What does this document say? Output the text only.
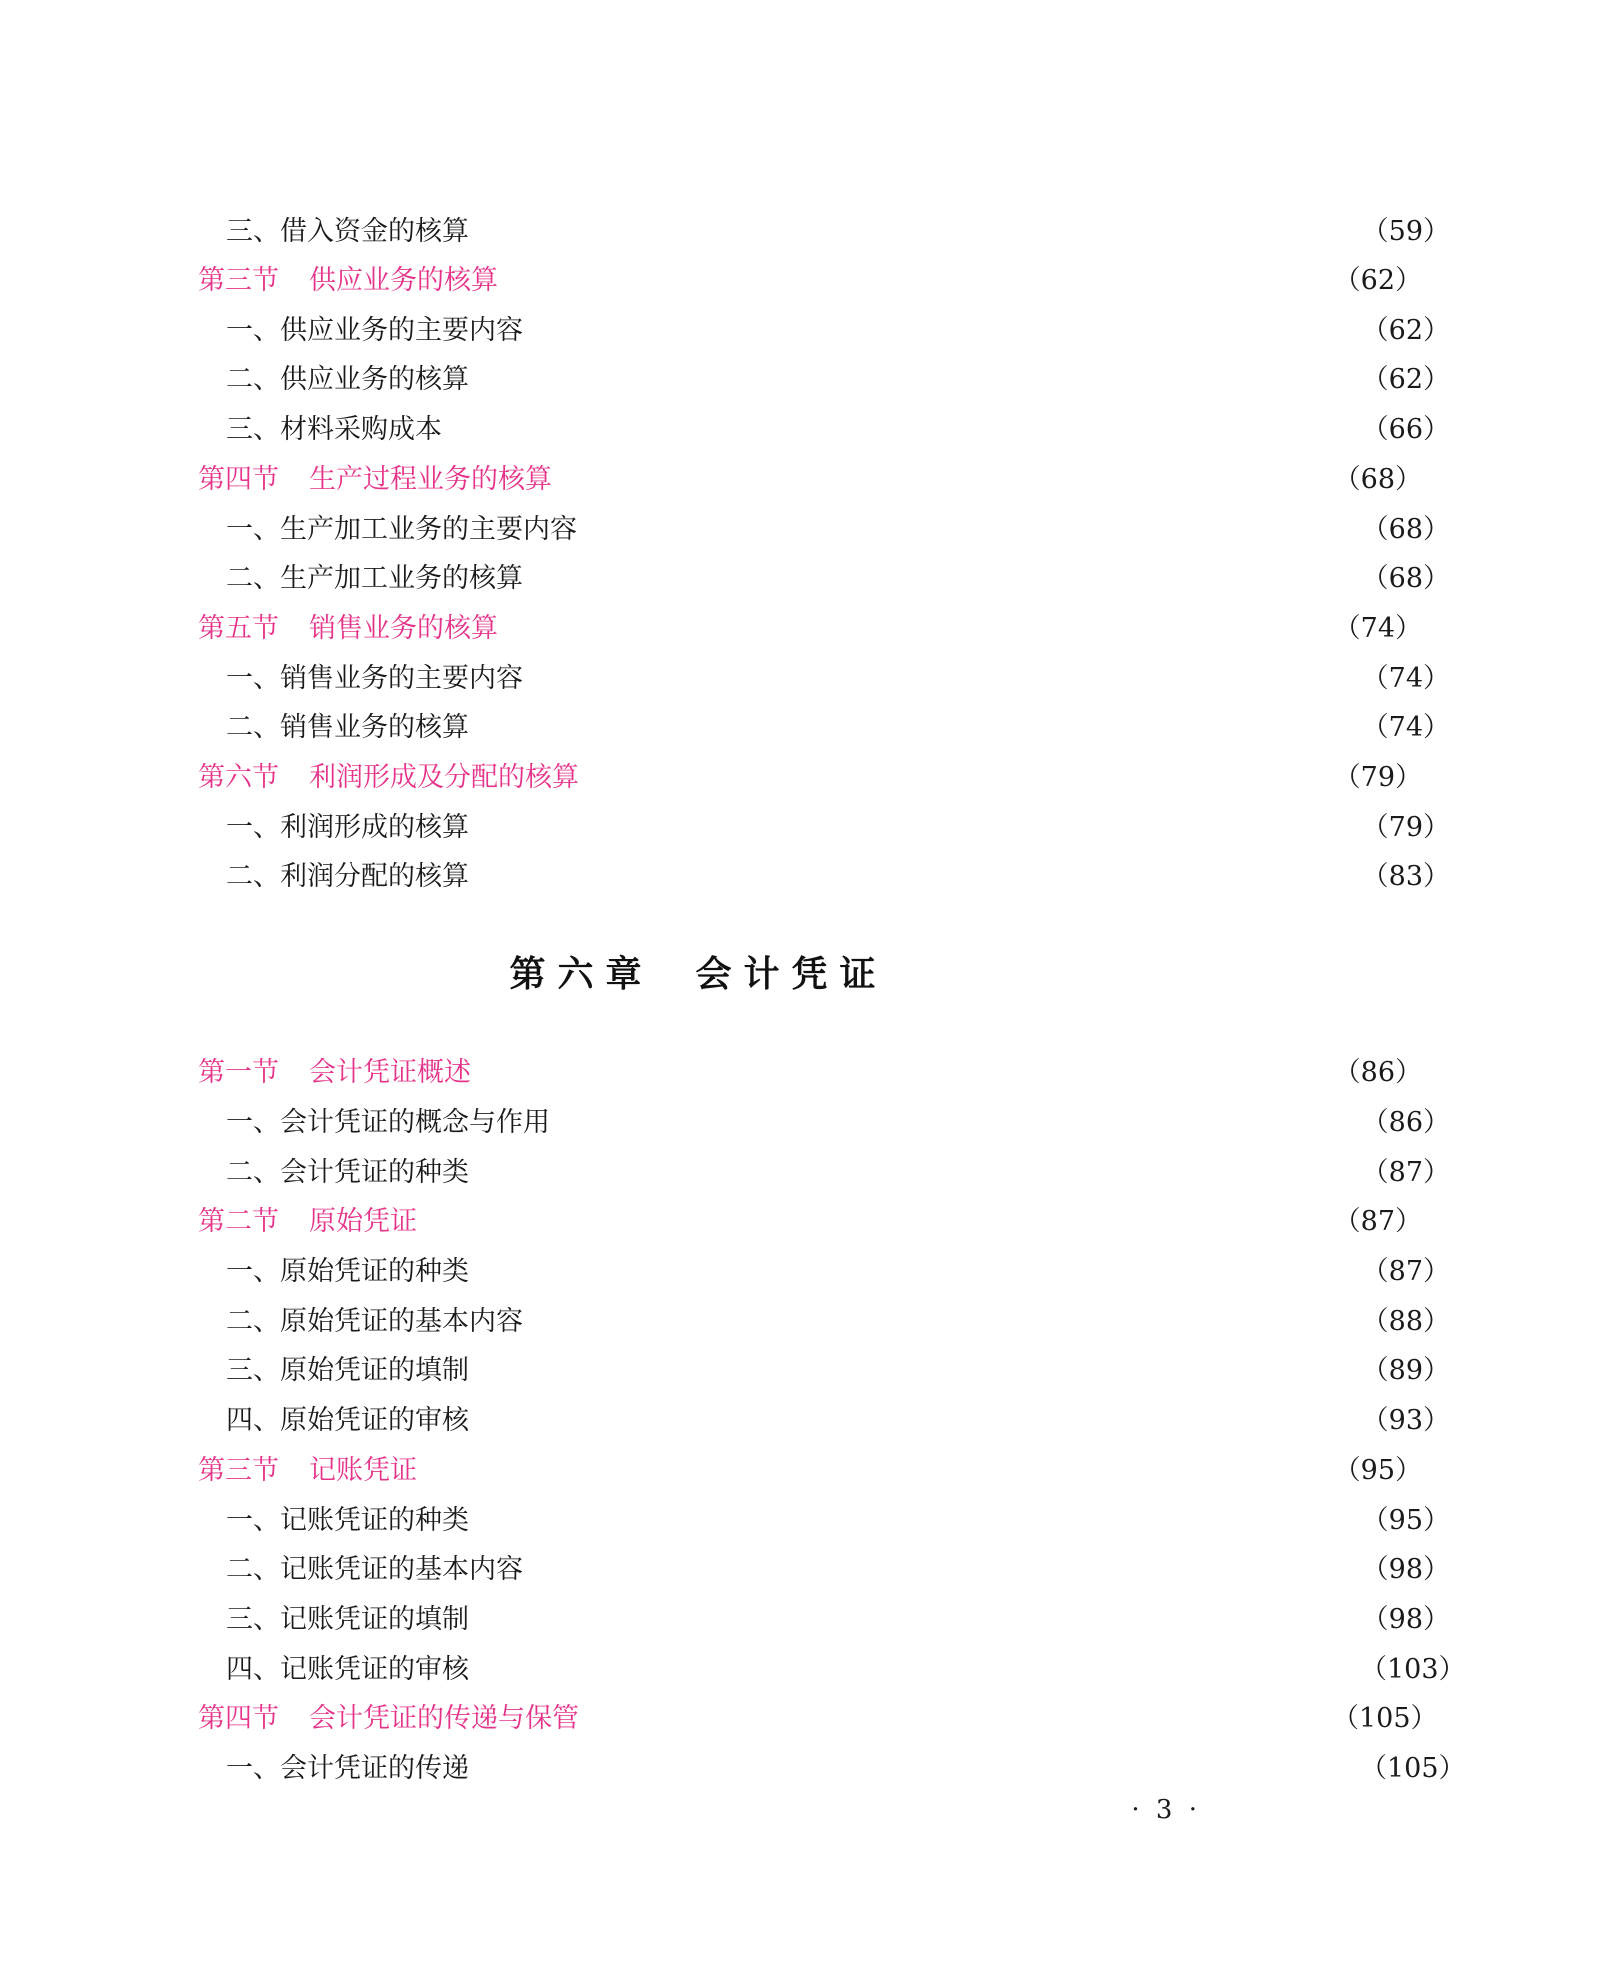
三、借入资金的核算	（59）
第三节 供应业务的核算	（62）
一、供应业务的主要内容	（62）
二、供应业务的核算	（62）
三、材料采购成本	（66）
第四节 生产过程业务的核算	（68）
一、生产加工业务的主要内容	（68）
二、生产加工业务的核算	（68）
第五节 销售业务的核算	（74）
一、销售业务的主要内容	（74）
二、销售业务的核算	（74）
第六节 利润形成及分配的核算	（79）
一、利润形成的核算	（79）
二、利润分配的核算	（83）
第六章 会计凭证
第一节 会计凭证概述	（86）
一、会计凭证的概念与作用	（86）
二、会计凭证的种类	（87）
第二节 原始凭证	（87）
一、原始凭证的种类	（87）
二、原始凭证的基本内容	（88）
三、原始凭证的填制	（89）
四、原始凭证的审核	（93）
第三节 记账凭证	（95）
一、记账凭证的种类	（95）
二、记账凭证的基本内容	（98）
三、记账凭证的填制	（98）
四、记账凭证的审核	（103）
第四节 会计凭证的传递与保管	（105）
一、会计凭证的传递	（105）
· 3 ·
